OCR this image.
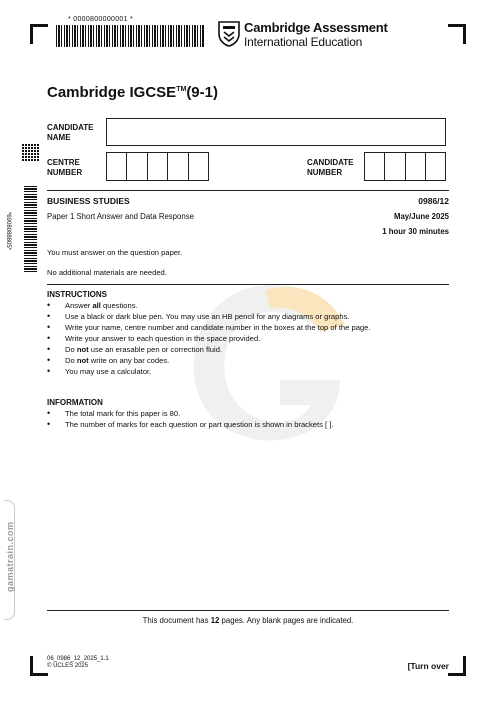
* 0000800000001 *
Cambridge Assessment
International Education
Cambridge IGCSE™(9-1)
CANDIDATE
NAME
CENTRE
NUMBER
CANDIDATE
NUMBER
*6908088805*
BUSINESS STUDIES	0986/12
Paper 1 Short Answer and Data Response	May/June 2025
1 hour 30 minutes
You must answer on the question paper.
No additional materials are needed.
INSTRUCTIONS
• Answer all questions.
• Use a black or dark blue pen. You may use an HB pencil for any diagrams or graphs.
• Write your name, centre number and candidate number in the boxes at the top of the page.
• Write your answer to each question in the space provided.
• Do not use an erasable pen or correction fluid.
• Do not write on any bar codes.
• You may use a calculator.
INFORMATION
• The total mark for this paper is 80.
• The number of marks for each question or part question is shown in brackets [ ].
gamatrain.com
This document has 12 pages. Any blank pages are indicated.
06_0986_12_2025_1.1
© UCLES 2025	[Turn over
